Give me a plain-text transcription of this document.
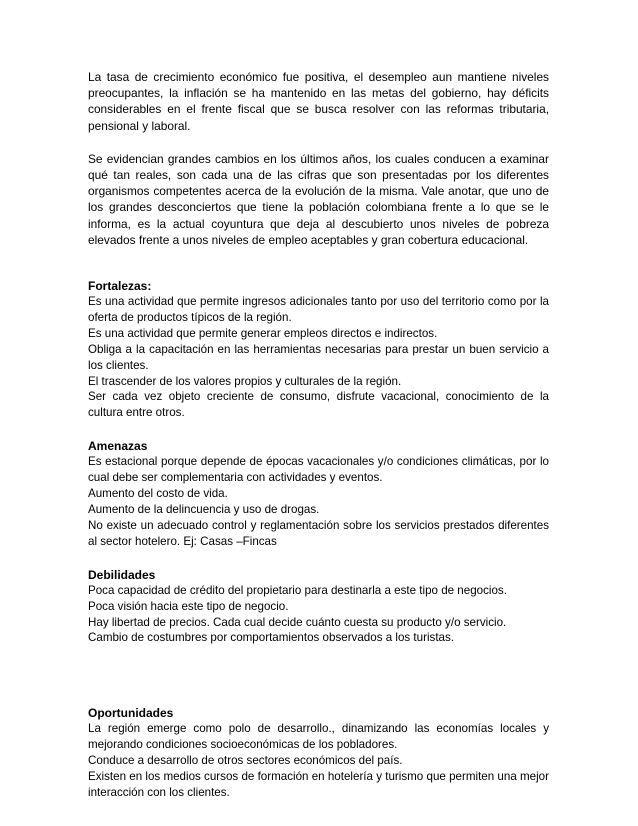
La tasa de crecimiento económico fue positiva, el desempleo aun mantiene niveles preocupantes, la inflación se ha mantenido en las metas del gobierno, hay déficits considerables en el frente fiscal que se busca resolver con las reformas tributaria, pensional y laboral.

Se evidencian grandes cambios en los últimos años, los cuales conducen a examinar qué tan reales, son cada una de las cifras que son presentadas por los diferentes organismos competentes acerca de la evolución de la misma. Vale anotar, que uno de los grandes desconciertos que tiene la población colombiana frente a lo que se le informa, es la actual coyuntura que deja al descubierto unos niveles de pobreza elevados frente a unos niveles de empleo aceptables y gran cobertura educacional.

Fortalezas:

Es una actividad que permite ingresos adicionales tanto por uso del territorio como por la oferta de productos típicos de la región.

Es una actividad que permite generar empleos directos e indirectos.

Obliga a la capacitación en las herramientas necesarias para prestar un buen servicio a los clientes.

El trascender de los valores propios y culturales de la región.

Ser cada vez objeto creciente de consumo, disfrute vacacional, conocimiento de la cultura entre otros.

Amenazas

Es estacional porque depende de épocas vacacionales y/o condiciones climáticas, por lo cual debe ser complementaria con actividades y eventos.

Aumento del costo de vida.

Aumento de la delincuencia y uso de drogas.

No existe un adecuado control y reglamentación sobre los servicios prestados diferentes al sector hotelero. Ej: Casas –Fincas

Debilidades

Poca capacidad de crédito del propietario para destinarla a este tipo de negocios.

Poca visión hacia este tipo de negocio.

Hay libertad de precios. Cada cual decide cuánto cuesta su producto y/o servicio.

Cambio de costumbres por comportamientos observados a los turistas.

Oportunidades

La región emerge como polo de desarrollo., dinamizando las economías locales y mejorando condiciones socioeconómicas de los pobladores.

Conduce a desarrollo de otros sectores económicos del país.

Existen en los medios cursos de formación en hotelería y turismo que permiten una mejor interacción con los clientes.
